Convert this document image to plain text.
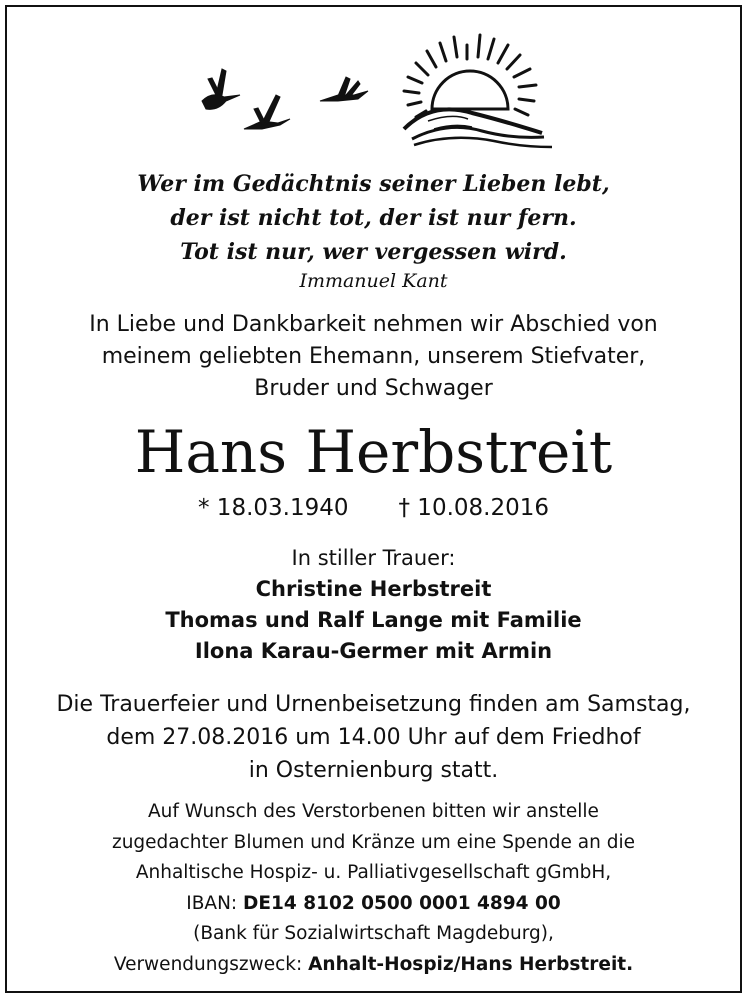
Wer im Gedächtnis seiner Lieben lebt,
der ist nicht tot, der ist nur fern.
Tot ist nur, wer vergessen wird.
Immanuel Kant
In Liebe und Dankbarkeit nehmen wir Abschied von
meinem geliebten Ehemann, unserem Stiefvater,
Bruder und Schwager
Hans Herbstreit
* 18.03.1940 † 10.08.2016
In stiller Trauer:
Christine Herbstreit
Thomas und Ralf Lange mit Familie
Ilona Karau-Germer mit Armin
Die Trauerfeier und Urnenbeisetzung finden am Samstag,
dem 27.08.2016 um 14.00 Uhr auf dem Friedhof
in Osternienburg statt.
Auf Wunsch des Verstorbenen bitten wir anstelle
zugedachter Blumen und Kränze um eine Spende an die
Anhaltische Hospiz- u. Palliativgesellschaft gGmbH,
IBAN: DE14 8102 0500 0001 4894 00
(Bank für Sozialwirtschaft Magdeburg),
Verwendungszweck: Anhalt-Hospiz/Hans Herbstreit.
